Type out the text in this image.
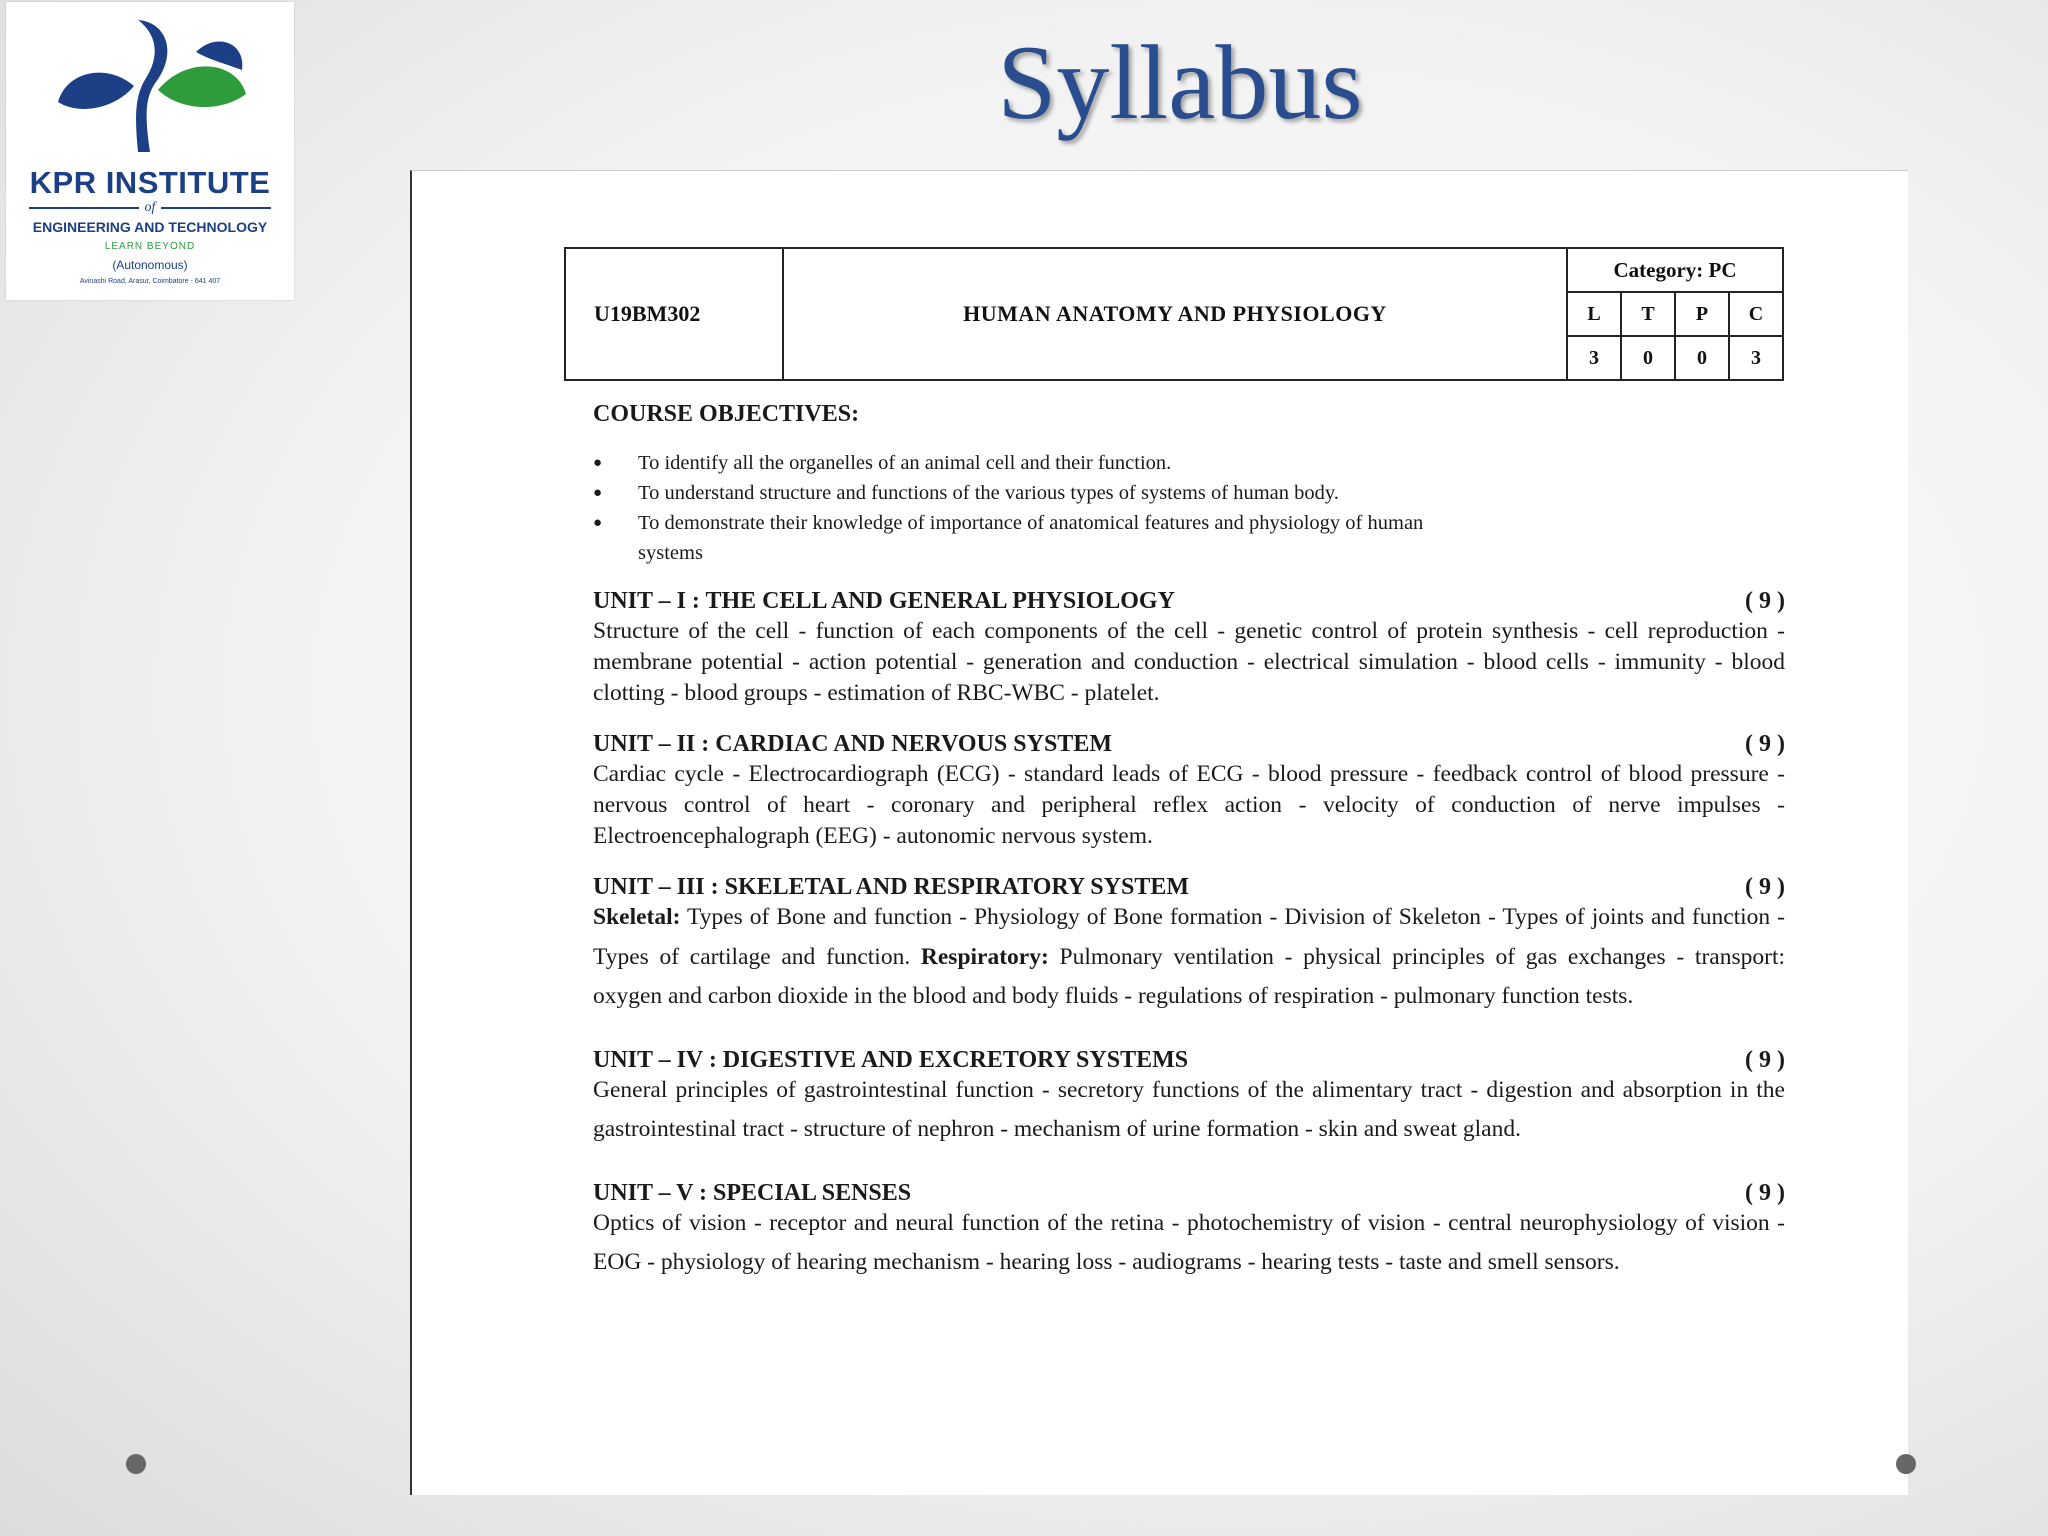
KPR INSTITUTE
of
ENGINEERING AND TECHNOLOGY
LEARN BEYOND
(Autonomous)
Avinashi Road, Arasur, Coimbatore - 641 407
Syllabus
U19BM302	HUMAN ANATOMY AND PHYSIOLOGY	Category: PC			
		L	T	P	C
		3	0	0	3
COURSE OBJECTIVES:
● To identify all the organelles of an animal cell and their function.
● To understand structure and functions of the various types of systems of human body.
● To demonstrate their knowledge of importance of anatomical features and physiology of human
systems
UNIT – I : THE CELL AND GENERAL PHYSIOLOGY	( 9 )
Structure of the cell - function of each components of the cell - genetic control of protein synthesis - cell reproduction - membrane potential - action potential - generation and conduction - electrical simulation - blood cells - immunity - blood clotting - blood groups - estimation of RBC-WBC - platelet.
UNIT – II : CARDIAC AND NERVOUS SYSTEM	( 9 )
Cardiac cycle - Electrocardiograph (ECG) - standard leads of ECG - blood pressure - feedback control of blood pressure - nervous control of heart - coronary and peripheral reflex action - velocity of conduction of nerve impulses - Electroencephalograph (EEG) - autonomic nervous system.
UNIT – III : SKELETAL AND RESPIRATORY SYSTEM	( 9 )
Skeletal: Types of Bone and function - Physiology of Bone formation - Division of Skeleton - Types of joints and function - Types of cartilage and function. Respiratory: Pulmonary ventilation - physical principles of gas exchanges - transport: oxygen and carbon dioxide in the blood and body fluids - regulations of respiration - pulmonary function tests.
UNIT – IV : DIGESTIVE AND EXCRETORY SYSTEMS	( 9 )
General principles of gastrointestinal function - secretory functions of the alimentary tract - digestion and absorption in the gastrointestinal tract - structure of nephron - mechanism of urine formation - skin and sweat gland.
UNIT – V : SPECIAL SENSES	( 9 )
Optics of vision - receptor and neural function of the retina - photochemistry of vision - central neurophysiology of vision - EOG - physiology of hearing mechanism - hearing loss - audiograms - hearing tests - taste and smell sensors.
